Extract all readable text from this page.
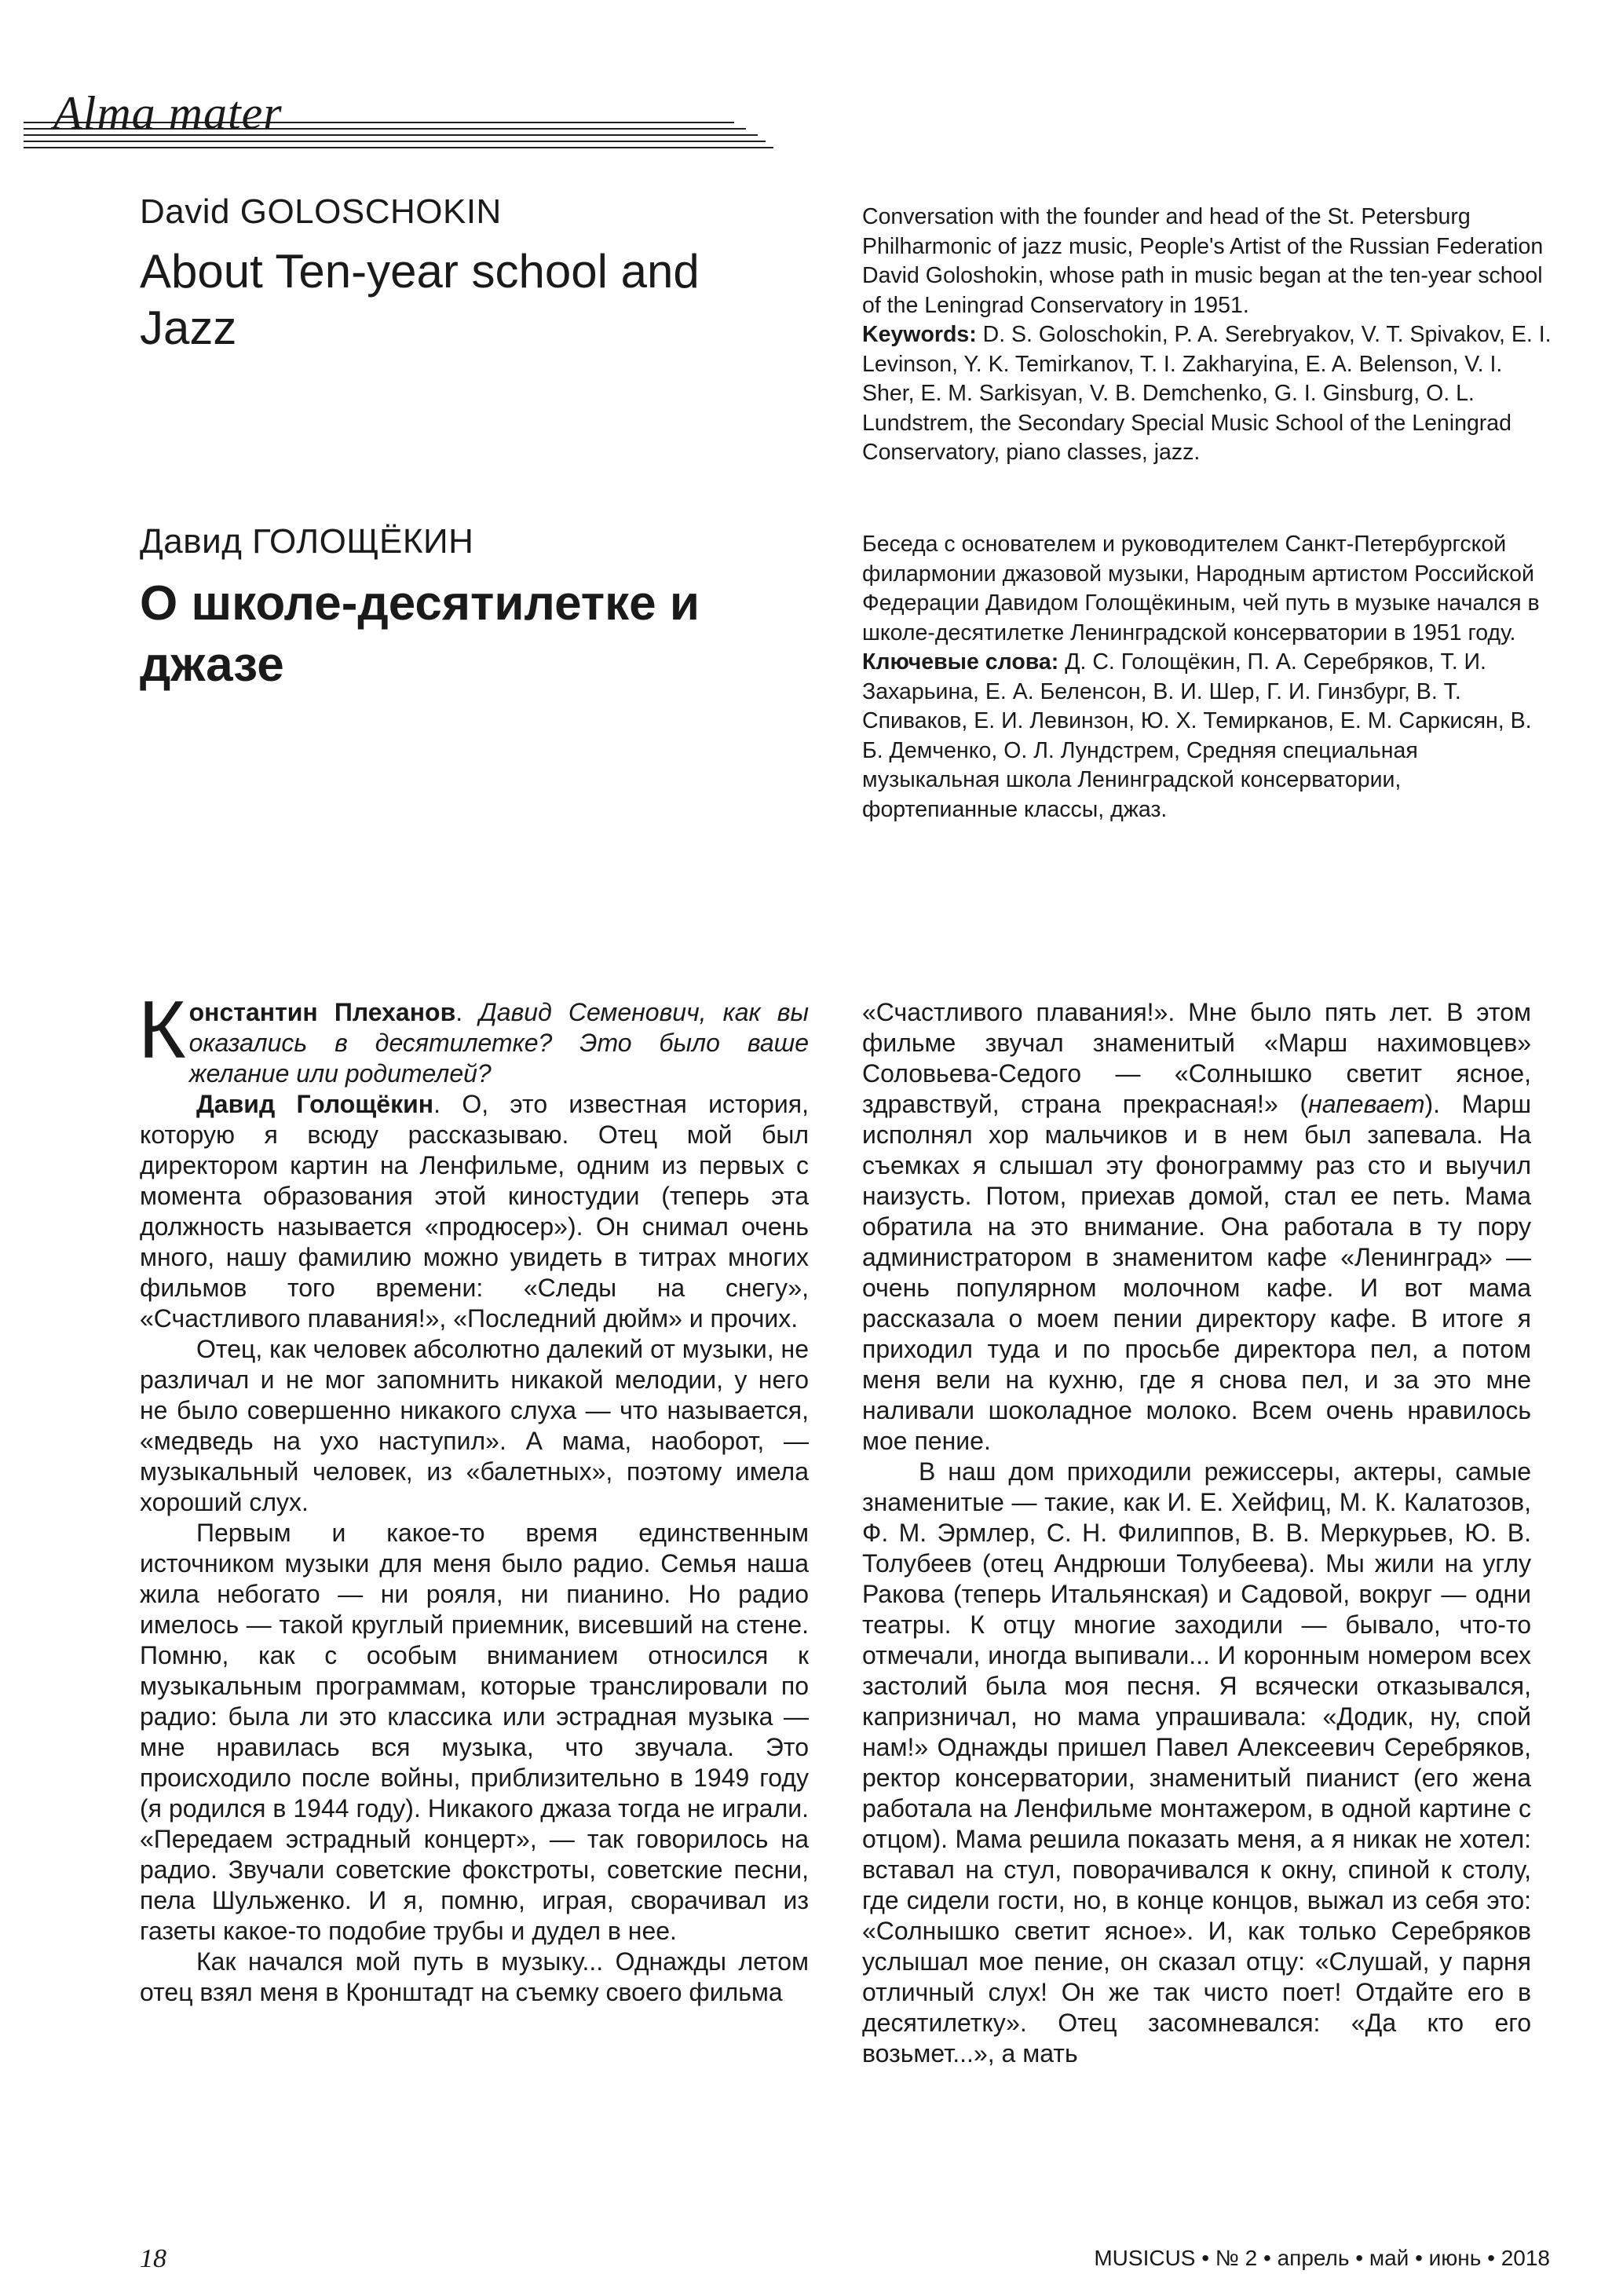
Alma mater
David GOLOSCHOKIN
About Ten-year school and Jazz
Conversation with the founder and head of the St. Petersburg Philharmonic of jazz music, People's Artist of the Russian Federation David Goloshokin, whose path in music began at the ten-year school of the Leningrad Conservatory in 1951.
Keywords: D. S. Goloschokin, P. A. Serebryakov, V. T. Spivakov, E. I. Levinson, Y. K. Temirkanov, T. I. Zakharyina, E. A. Belenson, V. I. Sher, E. M. Sarkisyan, V. B. Demchenko, G. I. Ginsburg, O. L. Lundstrem, the Secondary Special Music School of the Leningrad Conservatory, piano classes, jazz.
Давид ГОЛОЩЁКИН
О школе-десятилетке и джазе
Беседа с основателем и руководителем Санкт-Петербургской филармонии джазовой музыки, Народным артистом Российской Федерации Давидом Голощёкиным, чей путь в музыке начался в школе-десятилетке Ленинградской консерватории в 1951 году.
Ключевые слова: Д. С. Голощёкин, П. А. Серебряков, Т. И. Захарьина, Е. А. Беленсон, В. И. Шер, Г. И. Гинзбург, В. Т. Спиваков, Е. И. Левинзон, Ю. Х. Темирканов, Е. М. Саркисян, В. Б. Демченко, О. Л. Лундстрем, Средняя специальная музыкальная школа Ленинградской консерватории, фортепианные классы, джаз.

Константин Плеханов. Давид Семенович, как вы оказались в десятилетке? Это было ваше желание или родителей?

Давид Голощёкин. О, это известная история, которую я всюду рассказываю. Отец мой был директором картин на Ленфильме, одним из первых с момента образования этой киностудии (теперь эта должность называется «продюсер»). Он снимал очень много, нашу фамилию можно увидеть в титрах многих фильмов того времени: «Следы на снегу», «Счастливого плавания!», «Последний дюйм» и прочих.

Отец, как человек абсолютно далекий от музыки, не различал и не мог запомнить никакой мелодии, у него не было совершенно никакого слуха — что называется, «медведь на ухо наступил». А мама, наоборот, — музыкальный человек, из «балетных», поэтому имела хороший слух.

Первым и какое-то время единственным источником музыки для меня было радио. Семья наша жила небогато — ни рояля, ни пианино. Но радио имелось — такой круглый приемник, висевший на стене. Помню, как с особым вниманием относился к музыкальным программам, которые транслировали по радио: была ли это классика или эстрадная музыка — мне нравилась вся музыка, что звучала. Это происходило после войны, приблизительно в 1949 году (я родился в 1944 году). Никакого джаза тогда не играли. «Передаем эстрадный концерт», — так говорилось на радио. Звучали советские фокстроты, советские песни, пела Шульженко. И я, помню, играя, сворачивал из газеты какое-то подобие трубы и дудел в нее.

Как начался мой путь в музыку... Однажды летом отец взял меня в Кронштадт на съемку своего фильма

«Счастливого плавания!». Мне было пять лет. В этом фильме звучал знаменитый «Марш нахимовцев» Соловьева-Седого — «Солнышко светит ясное, здравствуй, страна прекрасная!» (напевает). Марш исполнял хор мальчиков и в нем был запевала. На съемках я слышал эту фонограмму раз сто и выучил наизусть. Потом, приехав домой, стал ее петь. Мама обратила на это внимание. Она работала в ту пору администратором в знаменитом кафе «Ленинград» — очень популярном молочном кафе. И вот мама рассказала о моем пении директору кафе. В итоге я приходил туда и по просьбе директора пел, а потом меня вели на кухню, где я снова пел, и за это мне наливали шоколадное молоко. Всем очень нравилось мое пение.

В наш дом приходили режиссеры, актеры, самые знаменитые — такие, как И. Е. Хейфиц, М. К. Калатозов, Ф. М. Эрмлер, С. Н. Филиппов, В. В. Меркурьев, Ю. В. Толубеев (отец Андрюши Толубеева). Мы жили на углу Ракова (теперь Итальянская) и Садовой, вокруг — одни театры. К отцу многие заходили — бывало, что-то отмечали, иногда выпивали... И коронным номером всех застолий была моя песня. Я всячески отказывался, капризничал, но мама упрашивала: «Додик, ну, спой нам!» Однажды пришел Павел Алексеевич Серебряков, ректор консерватории, знаменитый пианист (его жена работала на Ленфильме монтажером, в одной картине с отцом). Мама решила показать меня, а я никак не хотел: вставал на стул, поворачивался к окну, спиной к столу, где сидели гости, но, в конце концов, выжал из себя это: «Солнышко светит ясное». И, как только Серебряков услышал мое пение, он сказал отцу: «Слушай, у парня отличный слух! Он же так чисто поет! Отдайте его в десятилетку». Отец засомневался: «Да кто его возьмет...», а мать

18	MUSICUS • № 2 • апрель • май • июнь • 2018
